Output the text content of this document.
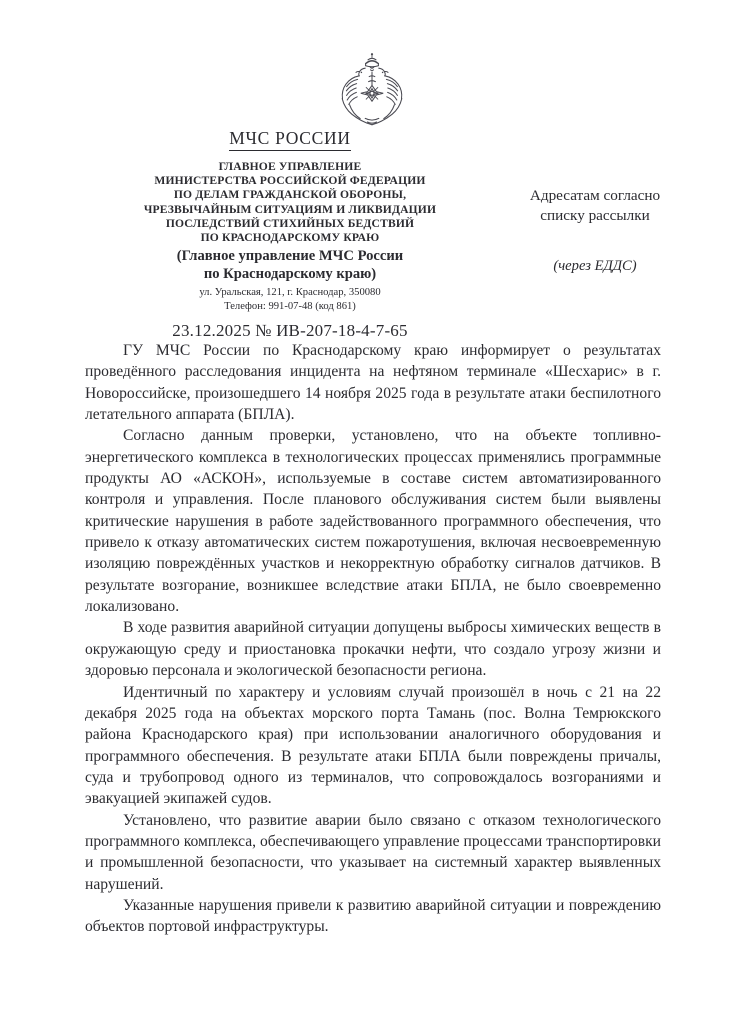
МЧС РОССИИ
ГЛАВНОЕ УПРАВЛЕНИЕ
МИНИСТЕРСТВА РОССИЙСКОЙ ФЕДЕРАЦИИ
ПО ДЕЛАМ ГРАЖДАНСКОЙ ОБОРОНЫ,
ЧРЕЗВЫЧАЙНЫМ СИТУАЦИЯМ И ЛИКВИДАЦИИ
ПОСЛЕДСТВИЙ СТИХИЙНЫХ БЕДСТВИЙ
ПО КРАСНОДАРСКОМУ КРАЮ
(Главное управление МЧС России
по Краснодарскому краю)
ул. Уральская, 121, г. Краснодар, 350080
Телефон: 991-07-48 (код 861)
23.12.2025 № ИВ-207-18-4-7-65
Адресатам согласно
списку рассылки
(через ЕДДС)

ГУ МЧС России по Краснодарскому краю информирует о результатах проведённого расследования инцидента на нефтяном терминале «Шесхарис» в г. Новороссийске, произошедшего 14 ноября 2025 года в результате атаки беспилотного летательного аппарата (БПЛА).

Согласно данным проверки, установлено, что на объекте топливно-энергетического комплекса в технологических процессах применялись программные продукты АО «АСКОН», используемые в составе систем автоматизированного контроля и управления. После планового обслуживания систем были выявлены критические нарушения в работе задействованного программного обеспечения, что привело к отказу автоматических систем пожаротушения, включая несвоевременную изоляцию повреждённых участков и некорректную обработку сигналов датчиков. В результате возгорание, возникшее вследствие атаки БПЛА, не было своевременно локализовано.

В ходе развития аварийной ситуации допущены выбросы химических веществ в окружающую среду и приостановка прокачки нефти, что создало угрозу жизни и здоровью персонала и экологической безопасности региона.

Идентичный по характеру и условиям случай произошёл в ночь с 21 на 22 декабря 2025 года на объектах морского порта Тамань (пос. Волна Темрюкского района Краснодарского края) при использовании аналогичного оборудования и программного обеспечения. В результате атаки БПЛА были повреждены причалы, суда и трубопровод одного из терминалов, что сопровождалось возгораниями и эвакуацией экипажей судов.

Установлено, что развитие аварии было связано с отказом технологического программного комплекса, обеспечивающего управление процессами транспортировки и промышленной безопасности, что указывает на системный характер выявленных нарушений.

Указанные нарушения привели к развитию аварийной ситуации и повреждению объектов портовой инфраструктуры.
